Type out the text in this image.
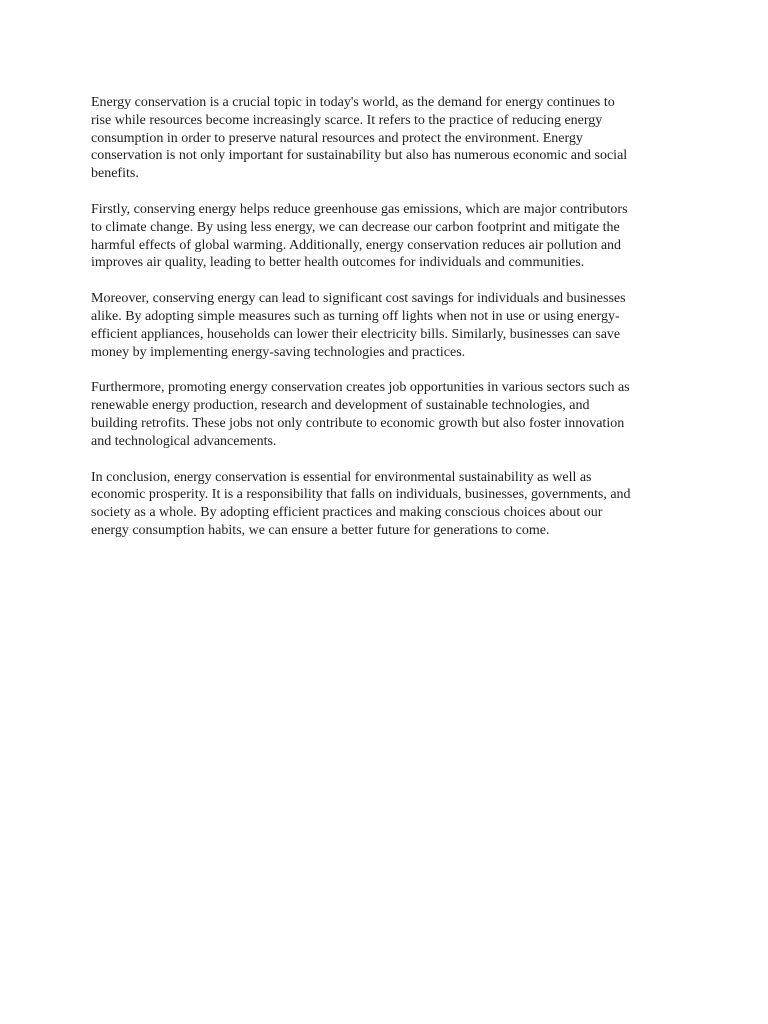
Energy conservation is a crucial topic in today's world, as the demand for energy continues to
rise while resources become increasingly scarce. It refers to the practice of reducing energy
consumption in order to preserve natural resources and protect the environment. Energy
conservation is not only important for sustainability but also has numerous economic and social
benefits.

Firstly, conserving energy helps reduce greenhouse gas emissions, which are major contributors
to climate change. By using less energy, we can decrease our carbon footprint and mitigate the
harmful effects of global warming. Additionally, energy conservation reduces air pollution and
improves air quality, leading to better health outcomes for individuals and communities.

Moreover, conserving energy can lead to significant cost savings for individuals and businesses
alike. By adopting simple measures such as turning off lights when not in use or using energy-
efficient appliances, households can lower their electricity bills. Similarly, businesses can save
money by implementing energy-saving technologies and practices.

Furthermore, promoting energy conservation creates job opportunities in various sectors such as
renewable energy production, research and development of sustainable technologies, and
building retrofits. These jobs not only contribute to economic growth but also foster innovation
and technological advancements.

In conclusion, energy conservation is essential for environmental sustainability as well as
economic prosperity. It is a responsibility that falls on individuals, businesses, governments, and
society as a whole. By adopting efficient practices and making conscious choices about our
energy consumption habits, we can ensure a better future for generations to come.
